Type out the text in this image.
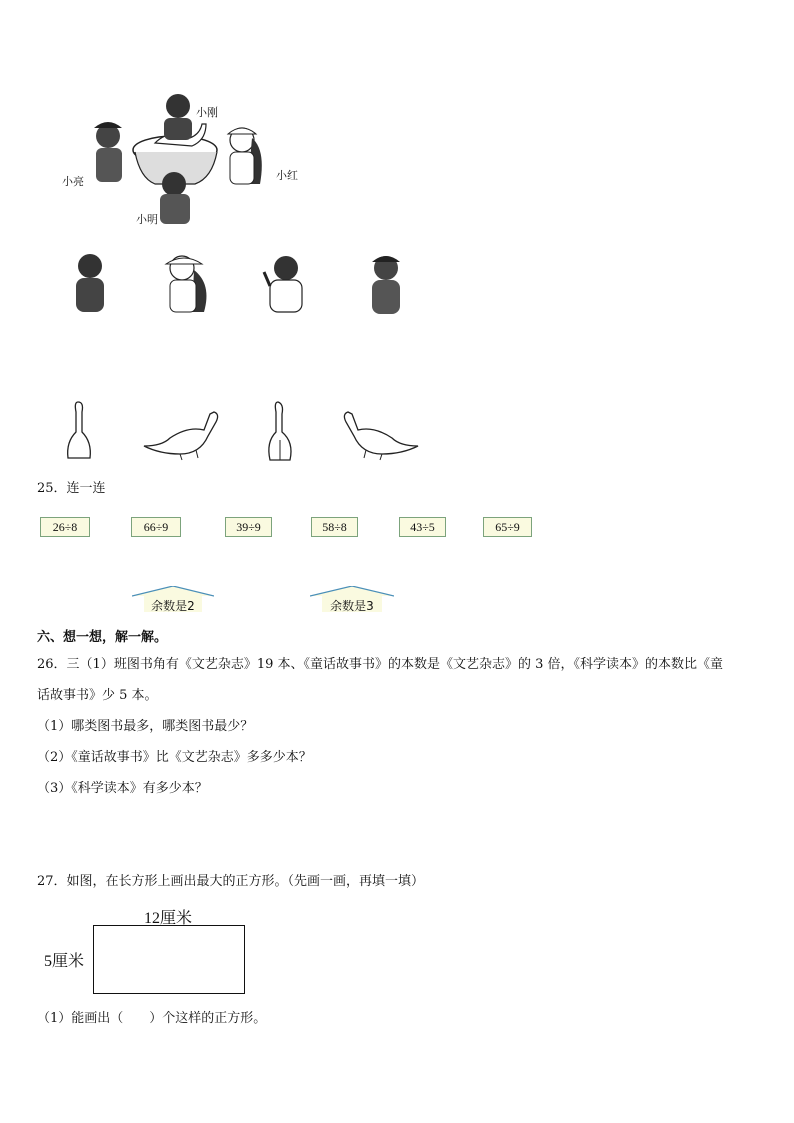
小刚
小亮	小红
小明
25．连一连
26÷8	66÷9	39÷9	58÷8	43÷5	65÷9
余数是2	余数是3
六、想一想，解一解。
26．三（1）班图书角有《文艺杂志》19 本、《童话故事书》的本数是《文艺杂志》的 3 倍，《科学读本》的本数比《童
话故事书》少 5 本。
（1）哪类图书最多，哪类图书最少？
（2）《童话故事书》比《文艺杂志》多多少本？
（3）《科学读本》有多少本？
27．如图，在长方形上画出最大的正方形。（先画一画，再填一填）
12厘米
5厘米
（1）能画出（　　）个这样的正方形。
